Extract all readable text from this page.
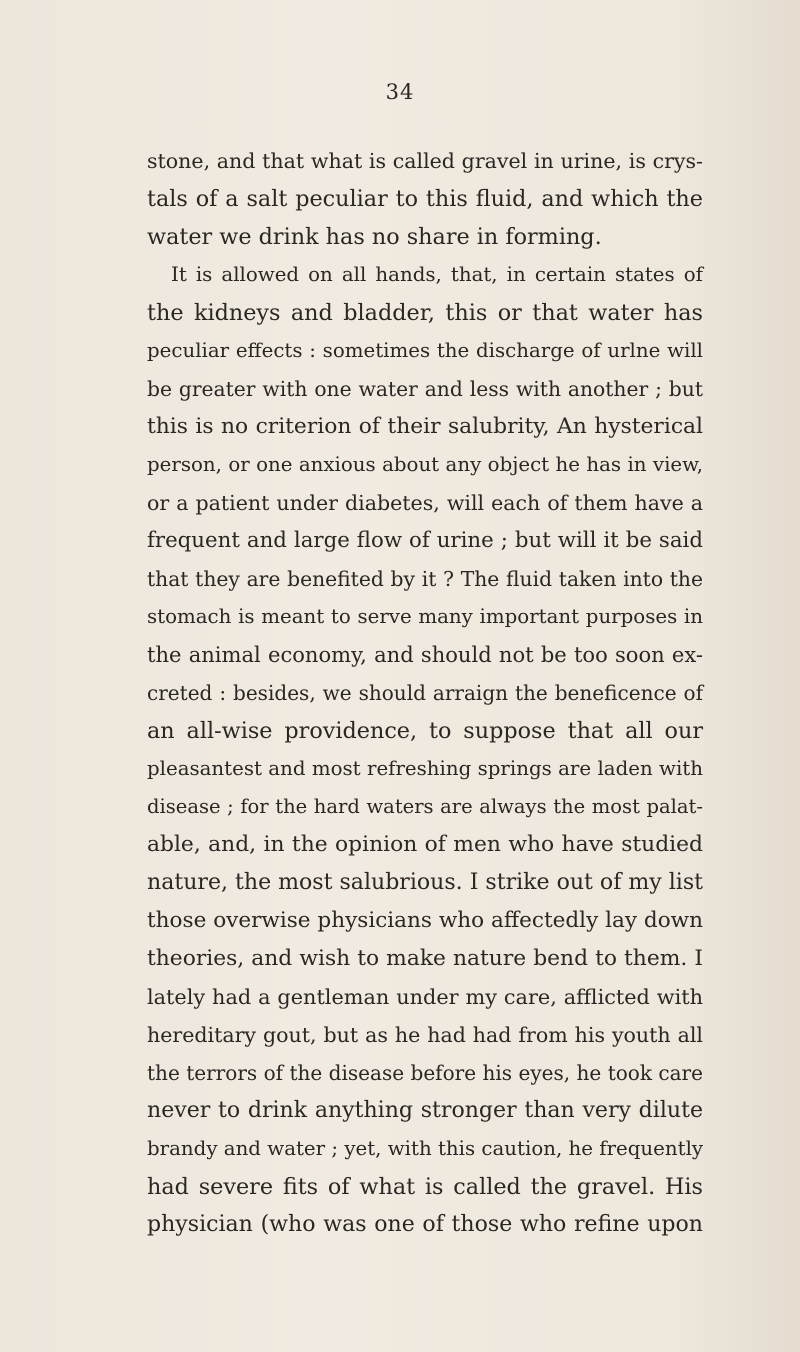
34
stone, and that what is called gravel in urine, is crys-
tals of a salt peculiar to this fluid, and which the
water we drink has no share in forming.
It is allowed on all hands, that, in certain states of
the kidneys and bladder, this or that water has
peculiar effects : sometimes the discharge of urlne will
be greater with one water and less with another ; but
this is no criterion of their salubrity, An hysterical
person, or one anxious about any object he has in view,
or a patient under diabetes, will each of them have a
frequent and large flow of urine ; but will it be said
that they are benefited by it ? The fluid taken into the
stomach is meant to serve many important purposes in
the animal economy, and should not be too soon ex-
creted : besides, we should arraign the beneficence of
an all-wise providence, to suppose that all our
pleasantest and most refreshing springs are laden with
disease ; for the hard waters are always the most palat-
able, and, in the opinion of men who have studied
nature, the most salubrious. I strike out of my list
those overwise physicians who affectedly lay down
theories, and wish to make nature bend to them. I
lately had a gentleman under my care, afflicted with
hereditary gout, but as he had had from his youth all
the terrors of the disease before his eyes, he took care
never to drink anything stronger than very dilute
brandy and water ; yet, with this caution, he frequently
had severe fits of what is called the gravel. His
physician (who was one of those who refine upon
